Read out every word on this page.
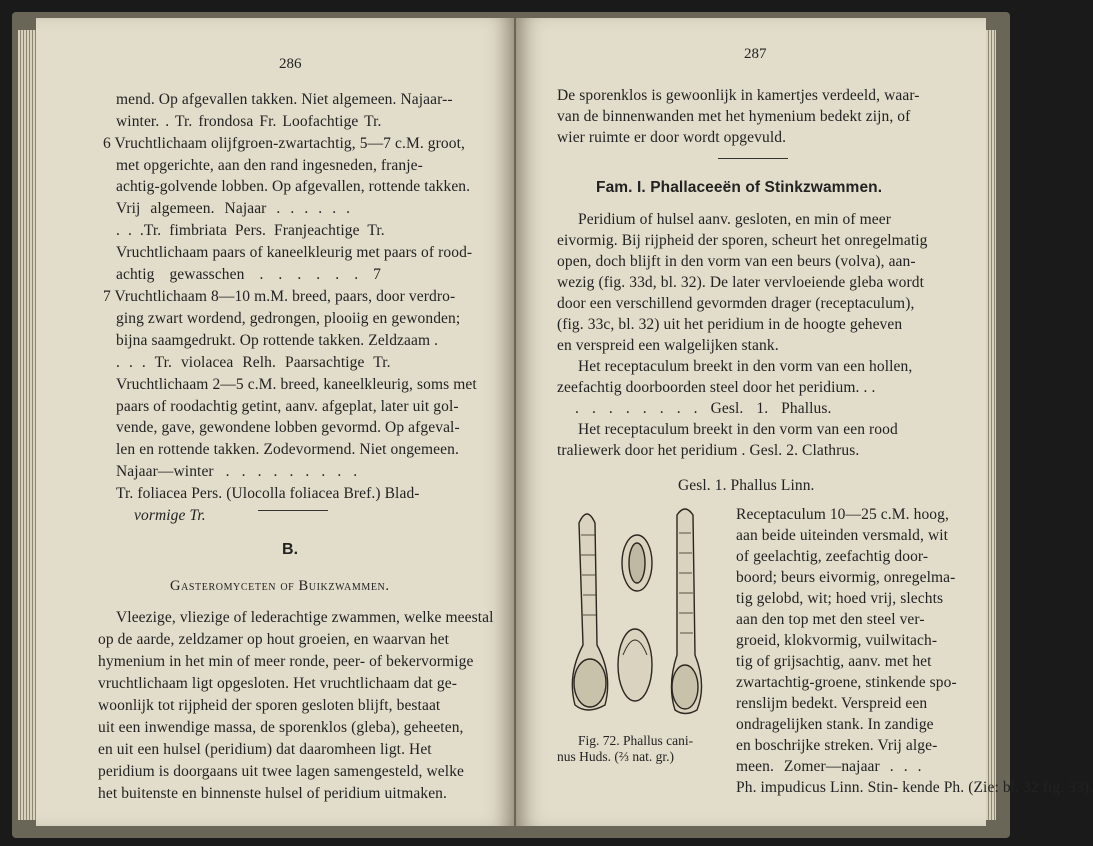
286
mend. Op afgevallen takken. Niet algemeen. Najaar--
winter. . Tr. frondosa Fr. Loofachtige Tr.
6 Vruchtlichaam olijfgroen-zwartachtig, 5—7 c.M. groot,
met opgerichte, aan den rand ingesneden, franje-
achtig-golvende lobben. Op afgevallen, rottende takken.
Vrij algemeen. Najaar . . . . . .
. . .Tr. fimbriata Pers. Franjeachtige Tr.
Vruchtlichaam paars of kaneelkleurig met paars of rood-
achtig gewasschen . . . . . . 7
7 Vruchtlichaam 8—10 m.M. breed, paars, door verdro-
ging zwart wordend, gedrongen, plooiig en gewonden;
bijna saamgedrukt. Op rottende takken. Zeldzaam .
. . . Tr. violacea Relh. Paarsachtige Tr.
Vruchtlichaam 2—5 c.M. breed, kaneelkleurig, soms met
paars of roodachtig getint, aanv. afgeplat, later uit gol-
vende, gave, gewondene lobben gevormd. Op afgeval-
len en rottende takken. Zodevormend. Niet ongemeen.
Najaar—winter . . . . . . . . .
Tr. foliacea Pers. (Ulocolla foliacea Bref.) Blad-
vormige Tr.
B.
Gasteromyceten of Buikzwammen.
Vleezige, vliezige of lederachtige zwammen, welke meestal
op de aarde, zeldzamer op hout groeien, en waarvan het
hymenium in het min of meer ronde, peer- of bekervormige
vruchtlichaam ligt opgesloten. Het vruchtlichaam dat ge-
woonlijk tot rijpheid der sporen gesloten blijft, bestaat
uit een inwendige massa, de sporenklos (gleba), geheeten,
en uit een hulsel (peridium) dat daaromheen ligt. Het
peridium is doorgaans uit twee lagen samengesteld, welke
het buitenste en binnenste hulsel of peridium uitmaken.
287
De sporenklos is gewoonlijk in kamertjes verdeeld, waar-
van de binnenwanden met het hymenium bedekt zijn, of
wier ruimte er door wordt opgevuld.
Fam. I. Phallaceeën of Stinkzwammen.
Peridium of hulsel aanv. gesloten, en min of meer
eivormig. Bij rijpheid der sporen, scheurt het onregelmatig
open, doch blijft in den vorm van een beurs (volva), aan-
wezig (fig. 33d, bl. 32). De later vervloeiende gleba wordt
door een verschillend gevormden drager (receptaculum),
(fig. 33c, bl. 32) uit het peridium in de hoogte geheven
en verspreid een walgelijken stank.
Het receptaculum breekt in den vorm van een hollen,
zeefachtig doorboorden steel door het peridium. . .
. . . . . . . . Gesl. 1. Phallus.
Het receptaculum breekt in den vorm van een rood
traliewerk door het peridium . Gesl. 2. Clathrus.
Gesl. 1. Phallus Linn.
Receptaculum 10—25 c.M. hoog,
aan beide uiteinden versmald, wit
of geelachtig, zeefachtig door-
boord; beurs eivormig, onregelma-
tig gelobd, wit; hoed vrij, slechts
aan den top met den steel ver-
groeid, klokvormig, vuilwitach-
tig of grijsachtig, aanv. met het
zwartachtig-groene, stinkende spo-
renslijm bedekt. Verspreid een
ondragelijken stank. In zandige
en boschrijke streken. Vrij alge-
meen. Zomer—najaar . . .
Ph. impudicus Linn. Stin- kende Ph. (Zie: bl. 32 fig. 33).
Fig. 72. Phallus cani-
nus Huds. (⅔ nat. gr.)
